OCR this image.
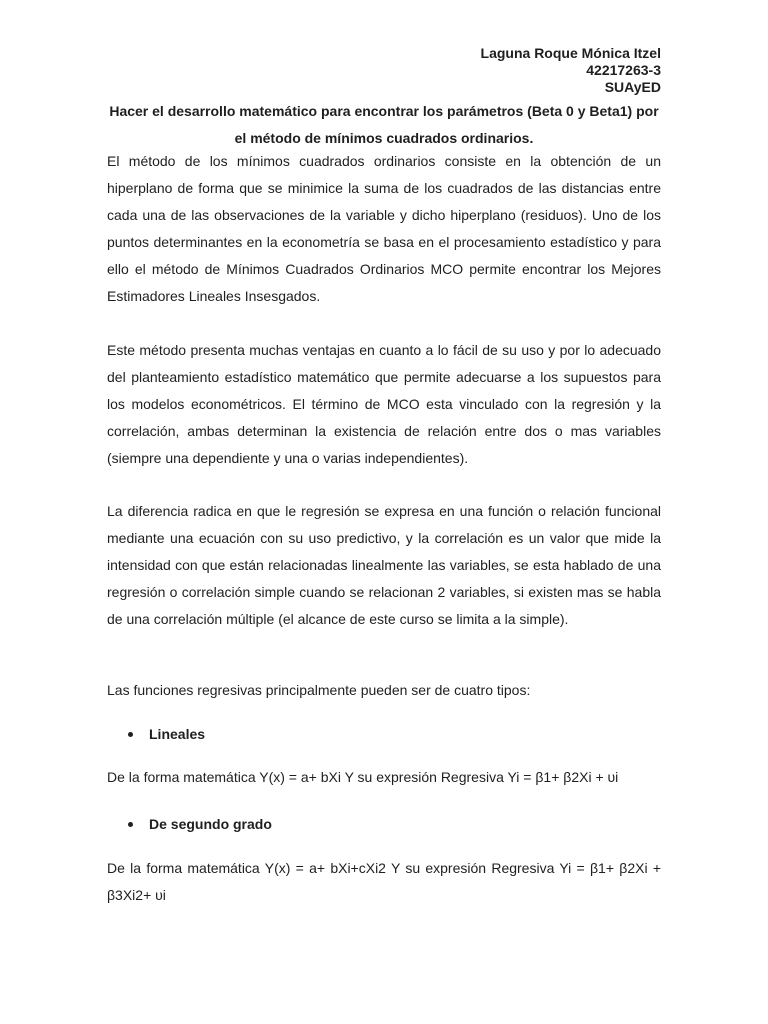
Laguna Roque Mónica Itzel
42217263-3
SUAyED
Hacer el desarrollo matemático para encontrar los parámetros (Beta 0 y Beta1) por el método de mínimos cuadrados ordinarios.

El método de los mínimos cuadrados ordinarios consiste en la obtención de un hiperplano de forma que se minimice la suma de los cuadrados de las distancias entre cada una de las observaciones de la variable y dicho hiperplano (residuos). Uno de los puntos determinantes en la econometría se basa en el procesamiento estadístico y para ello el método de Mínimos Cuadrados Ordinarios MCO permite encontrar los Mejores Estimadores Lineales Insesgados.

Este método presenta muchas ventajas en cuanto a lo fácil de su uso y por lo adecuado del planteamiento estadístico matemático que permite adecuarse a los supuestos para los modelos econométricos. El término de MCO esta vinculado con la regresión y la correlación, ambas determinan la existencia de relación entre dos o mas variables (siempre una dependiente y una o varias independientes).

La diferencia radica en que le regresión se expresa en una función o relación funcional mediante una ecuación con su uso predictivo, y la correlación es un valor que mide la intensidad con que están relacionadas linealmente las variables, se esta hablado de una regresión o correlación simple cuando se relacionan 2 variables, si existen mas se habla de una correlación múltiple (el alcance de este curso se limita a la simple).

Las funciones regresivas principalmente pueden ser de cuatro tipos:

Lineales

De la forma matemática Y(x) = a+ bXi Y su expresión Regresiva Yi = β1+ β2Xi + υi

De segundo grado

De la forma matemática Y(x) = a+ bXi+cXi2 Y su expresión Regresiva Yi = β1+ β2Xi + β3Xi2+ υi
